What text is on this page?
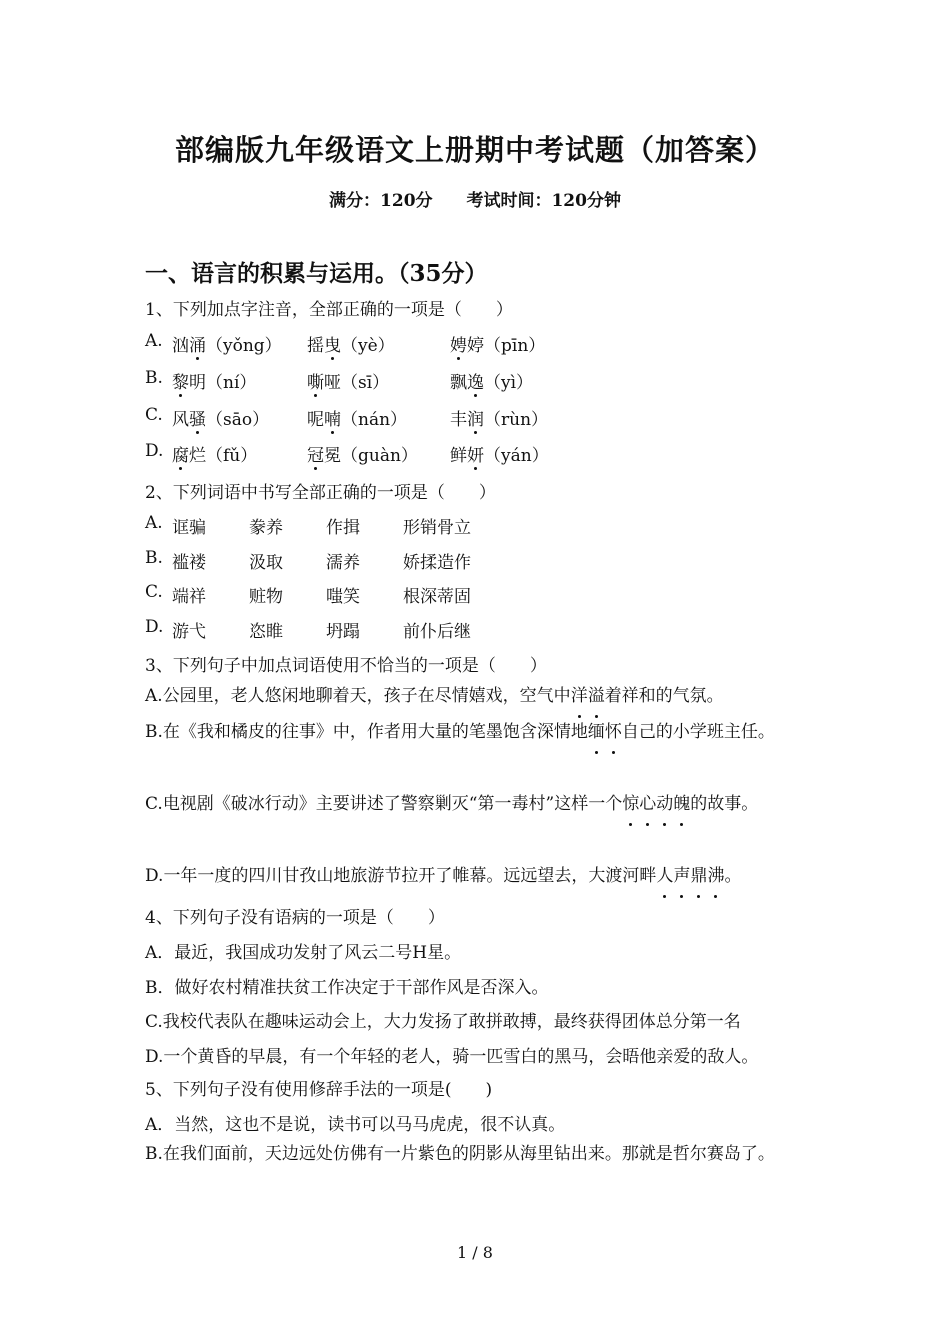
部编版九年级语文上册期中考试题（加答案）
满分：120分 考试时间：120分钟
一、语言的积累与运用。（35分）
1、下列加点字注音，全部正确的一项是（　　）
A. 汹涌（yǒng） 摇曳（yè）	娉婷（pīn）
B. 黎明（ní）	嘶哑（sī）	飘逸（yì）
C. 风骚（sāo） 呢喃（nán）	丰润（rùn）
D. 腐烂（fǔ）	冠冕（guàn） 鲜妍（yán）
2、下列词语中书写全部正确的一项是（　　）
A. 诓骗	豢养	作揖	形销骨立
B. 褴褛	汲取	濡养	娇揉造作
C. 端祥	赃物	嗤笑	根深蒂固
D. 游弋	恣睢	坍蹋	前仆后继
3、下列句子中加点词语使用不恰当的一项是（　　）
A.公园里，老人悠闲地聊着天，孩子在尽情嬉戏，空气中洋溢着祥和的气氛。
B.在《我和橘皮的往事》中，作者用大量的笔墨饱含深情地缅怀自己的小学班主任。
C.电视剧《破冰行动》主要讲述了警察剿灭“第一毒村”这样一个惊心动魄的故事。
D.一年一度的四川甘孜山地旅游节拉开了帷幕。远远望去，大渡河畔人声鼎沸。
4、下列句子没有语病的一项是（　　）
A．最近，我国成功发射了风云二号H星。
B．做好农村精准扶贫工作决定于干部作风是否深入。
C.我校代表队在趣味运动会上，大力发扬了敢拼敢搏，最终获得团体总分第一名
D.一个黄昏的早晨，有一个年轻的老人，骑一匹雪白的黑马，会晤他亲爱的敌人。
5、下列句子没有使用修辞手法的一项是(　　)
A．当然，这也不是说，读书可以马马虎虎，很不认真。
B.在我们面前，天边远处仿佛有一片紫色的阴影从海里钻出来。那就是哲尔赛岛了。
1 / 8
